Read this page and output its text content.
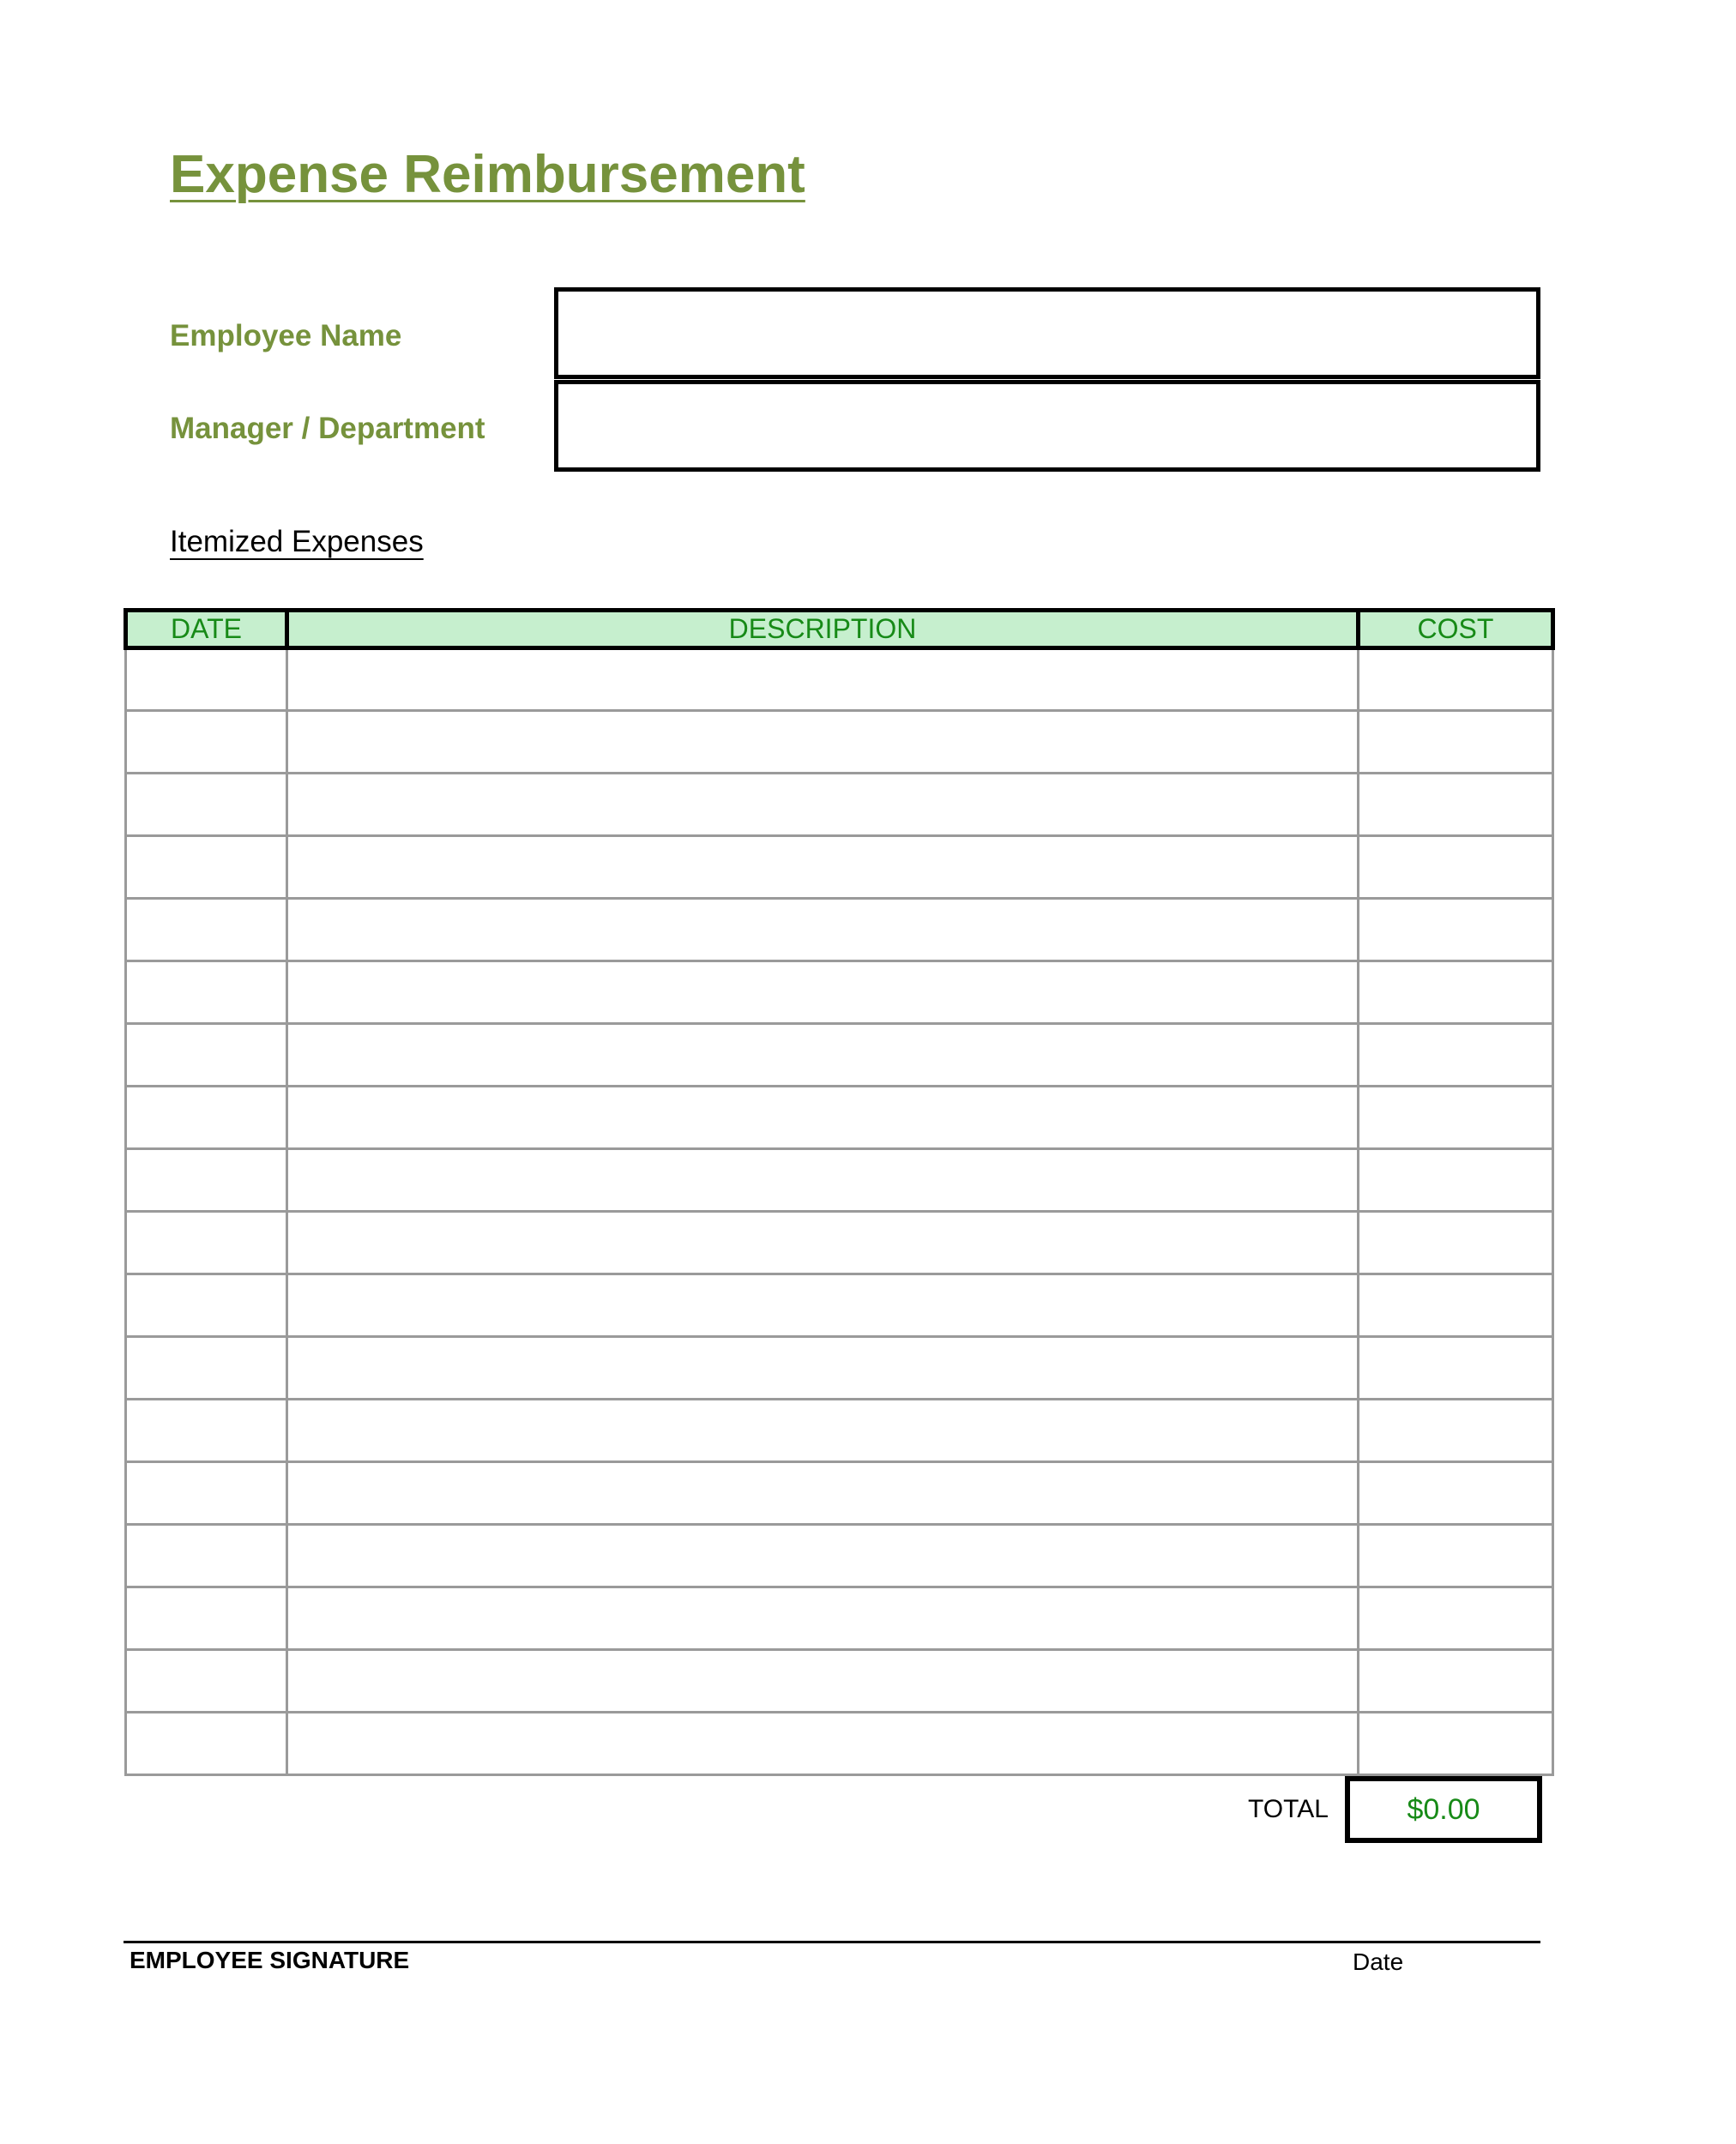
Expense Reimbursement
Employee Name
Manager / Department
Itemized Expenses
DATE	DESCRIPTION	COST

TOTAL	$0.00
EMPLOYEE SIGNATURE	Date
